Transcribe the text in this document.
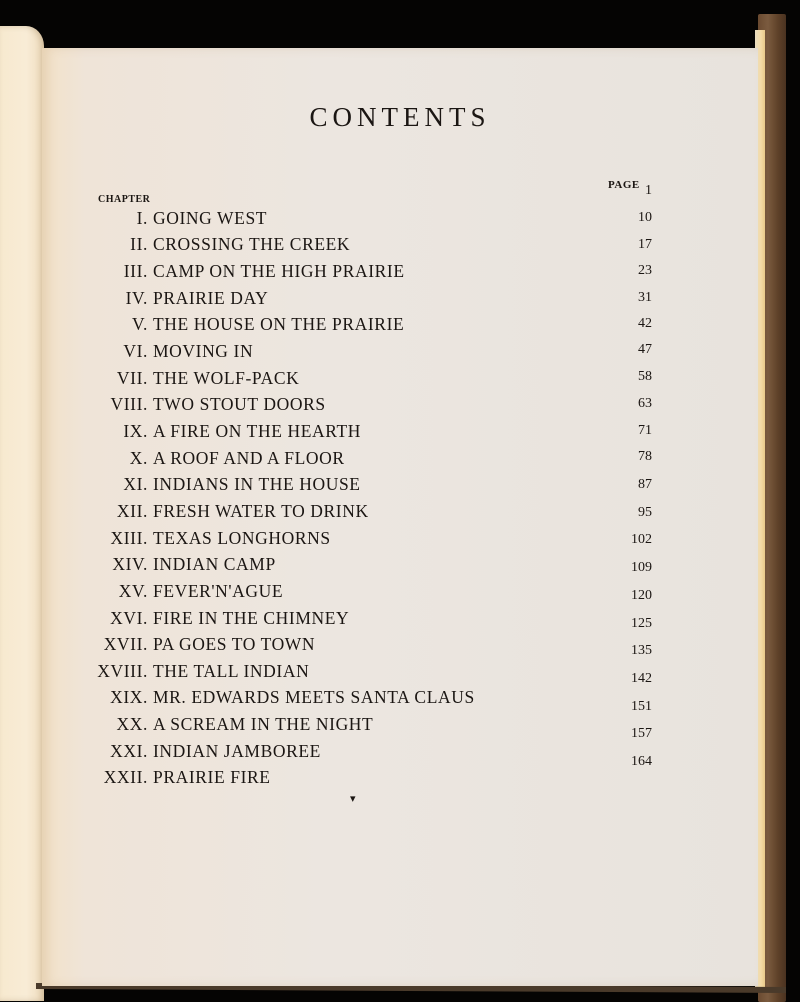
CONTENTS
CHAPTER
PAGE
I. GOING WEST
II. CROSSING THE CREEK
III. CAMP ON THE HIGH PRAIRIE
IV. PRAIRIE DAY
V. THE HOUSE ON THE PRAIRIE
VI. MOVING IN
VII. THE WOLF-PACK
VIII. TWO STOUT DOORS
IX. A FIRE ON THE HEARTH
X. A ROOF AND A FLOOR
XI. INDIANS IN THE HOUSE
XII. FRESH WATER TO DRINK
XIII. TEXAS LONGHORNS
XIV. INDIAN CAMP
XV. FEVER'N'AGUE
XVI. FIRE IN THE CHIMNEY
XVII. PA GOES TO TOWN
XVIII. THE TALL INDIAN
XIX. MR. EDWARDS MEETS SANTA CLAUS
XX. A SCREAM IN THE NIGHT
XXI. INDIAN JAMBOREE
XXII. PRAIRIE FIRE
1
10
17
23
31
42
47
58
63
71
78
87
95
102
109
120
125
135
142
151
157
164
▾
